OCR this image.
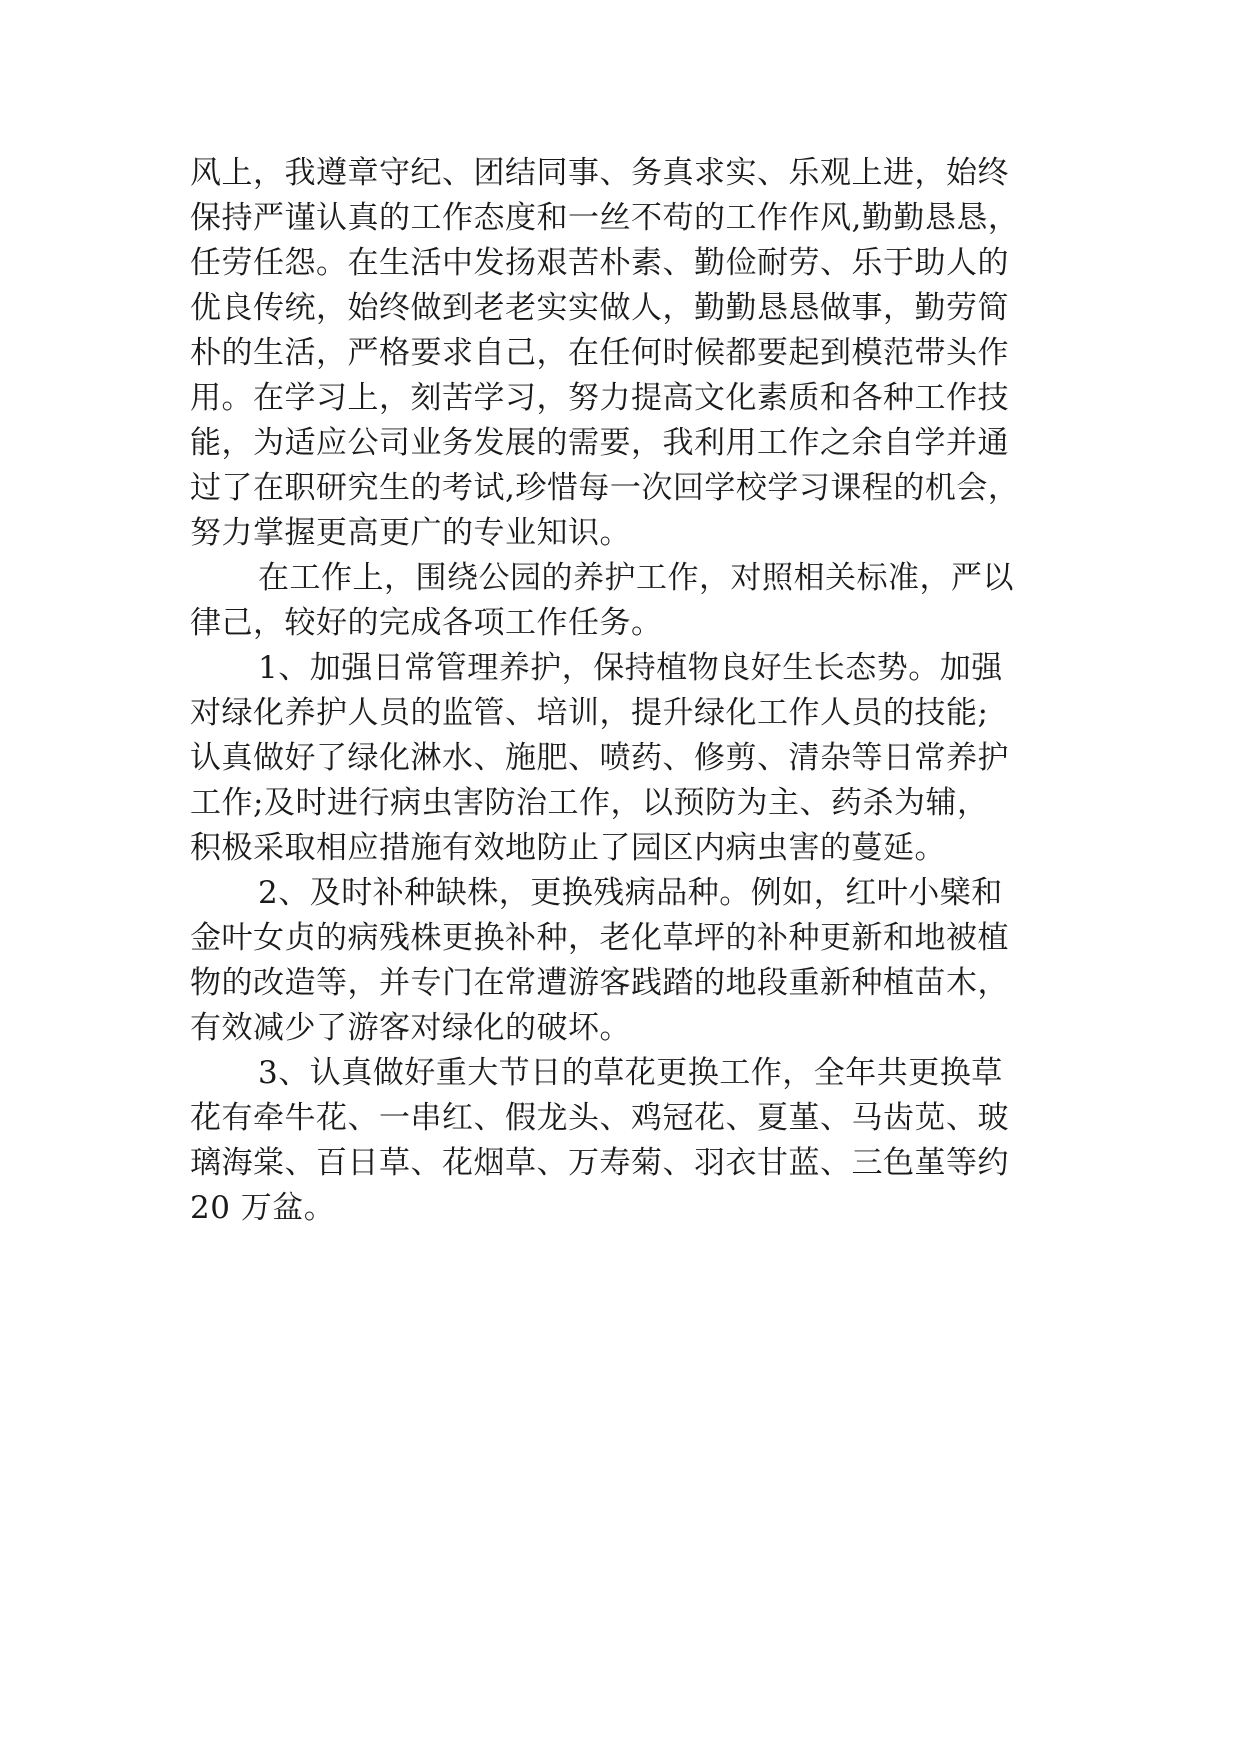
风上，我遵章守纪、团结同事、务真求实、乐观上进，始终
保持严谨认真的工作态度和一丝不苟的工作作风,勤勤恳恳，
任劳任怨。在生活中发扬艰苦朴素、勤俭耐劳、乐于助人的
优良传统，始终做到老老实实做人，勤勤恳恳做事，勤劳简
朴的生活，严格要求自己，在任何时候都要起到模范带头作
用。在学习上，刻苦学习，努力提高文化素质和各种工作技
能，为适应公司业务发展的需要，我利用工作之余自学并通
过了在职研究生的考试,珍惜每一次回学校学习课程的机会，
努力掌握更高更广的专业知识。
在工作上，围绕公园的养护工作，对照相关标准，严以
律己，较好的完成各项工作任务。
1、加强日常管理养护，保持植物良好生长态势。加强
对绿化养护人员的监管、培训，提升绿化工作人员的技能;
认真做好了绿化淋水、施肥、喷药、修剪、清杂等日常养护
工作;及时进行病虫害防治工作，以预防为主、药杀为辅，
积极采取相应措施有效地防止了园区内病虫害的蔓延。
2、及时补种缺株，更换残病品种。例如，红叶小檗和
金叶女贞的病残株更换补种，老化草坪的补种更新和地被植
物的改造等，并专门在常遭游客践踏的地段重新种植苗木，
有效减少了游客对绿化的破坏。
3、认真做好重大节日的草花更换工作，全年共更换草
花有牵牛花、一串红、假龙头、鸡冠花、夏堇、马齿苋、玻
璃海棠、百日草、花烟草、万寿菊、羽衣甘蓝、三色堇等约
20 万盆。
